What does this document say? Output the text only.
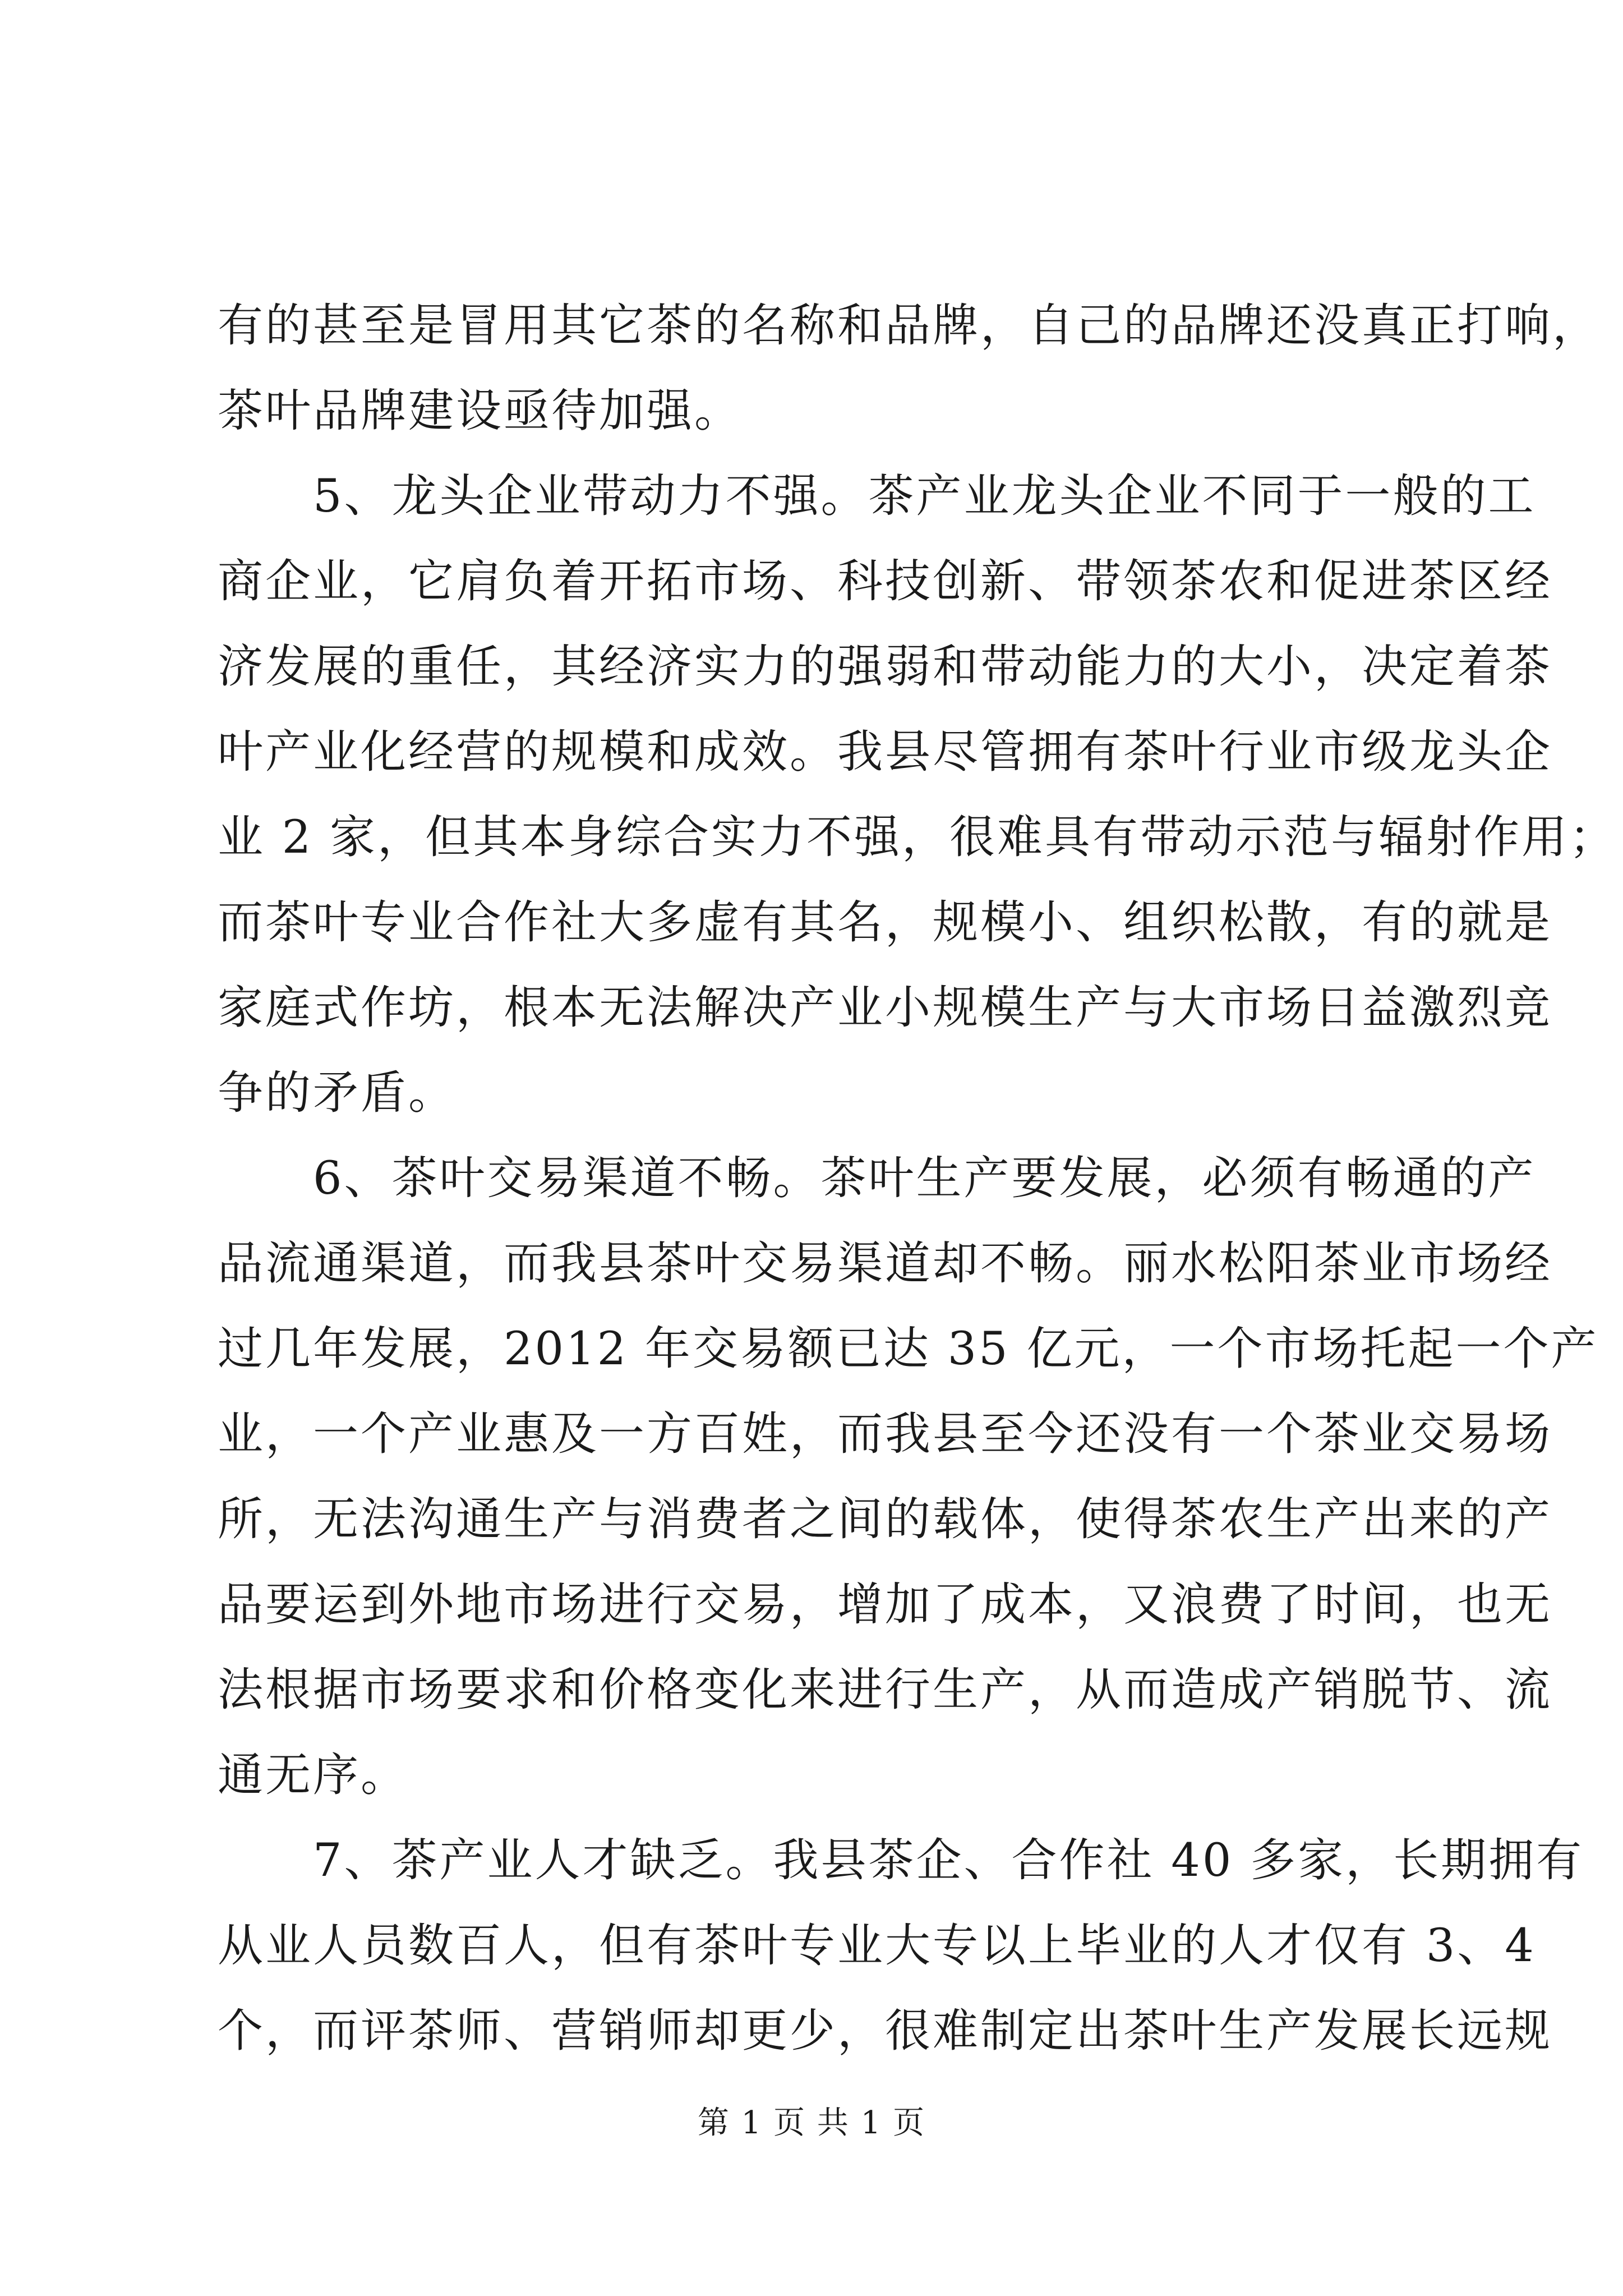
有的甚至是冒用其它茶的名称和品牌，自己的品牌还没真正打响，
茶叶品牌建设亟待加强。
5、龙头企业带动力不强。茶产业龙头企业不同于一般的工
商企业，它肩负着开拓市场、科技创新、带领茶农和促进茶区经
济发展的重任，其经济实力的强弱和带动能力的大小，决定着茶
叶产业化经营的规模和成效。我县尽管拥有茶叶行业市级龙头企
业 2 家，但其本身综合实力不强，很难具有带动示范与辐射作用；
而茶叶专业合作社大多虚有其名，规模小、组织松散，有的就是
家庭式作坊，根本无法解决产业小规模生产与大市场日益激烈竞
争的矛盾。
6、茶叶交易渠道不畅。茶叶生产要发展，必须有畅通的产
品流通渠道，而我县茶叶交易渠道却不畅。丽水松阳茶业市场经
过几年发展，2012 年交易额已达 35 亿元，一个市场托起一个产
业，一个产业惠及一方百姓，而我县至今还没有一个茶业交易场
所，无法沟通生产与消费者之间的载体，使得茶农生产出来的产
品要运到外地市场进行交易，增加了成本，又浪费了时间，也无
法根据市场要求和价格变化来进行生产，从而造成产销脱节、流
通无序。
7、茶产业人才缺乏。我县茶企、合作社 40 多家，长期拥有
从业人员数百人，但有茶叶专业大专以上毕业的人才仅有 3、4
个，而评茶师、营销师却更少，很难制定出茶叶生产发展长远规
第 1 页 共 1 页
